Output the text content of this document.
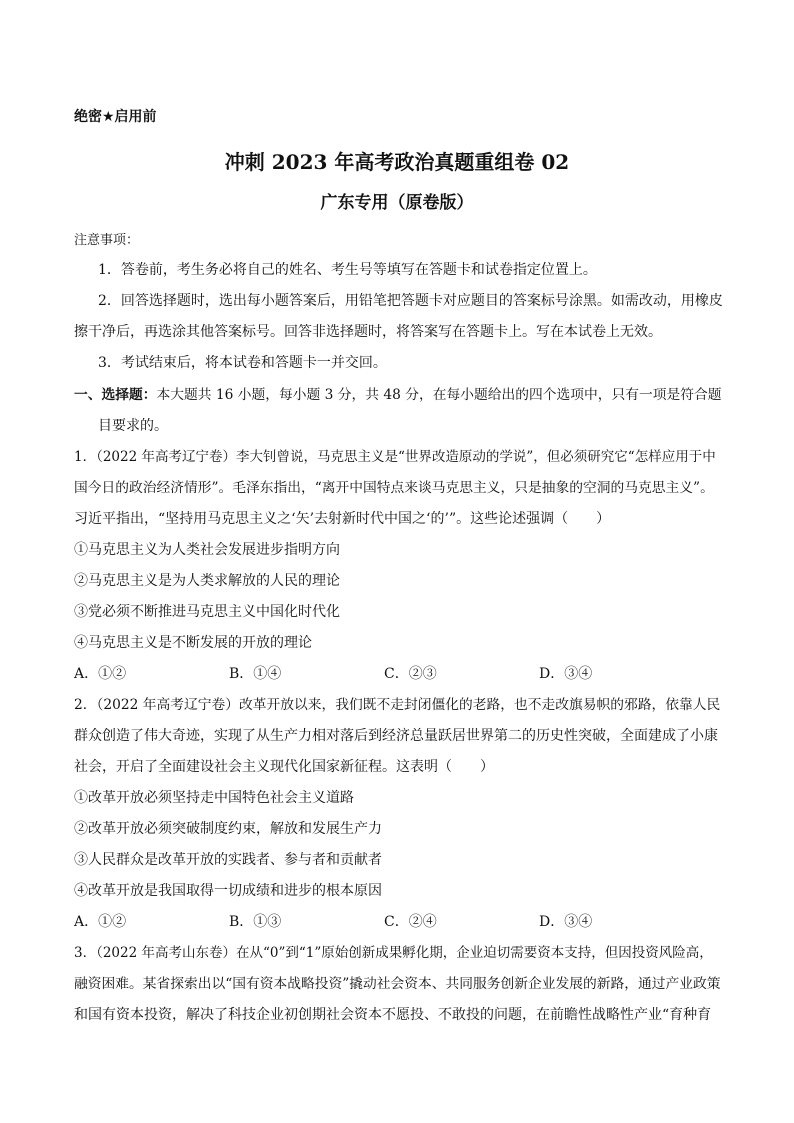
绝密★启用前
冲刺 2023 年高考政治真题重组卷 02
广东专用（原卷版）
注意事项：
1．答卷前，考生务必将自己的姓名、考生号等填写在答题卡和试卷指定位置上。
2．回答选择题时，选出每小题答案后，用铅笔把答题卡对应题目的答案标号涂黑。如需改动，用橡皮
擦干净后，再选涂其他答案标号。回答非选择题时，将答案写在答题卡上。写在本试卷上无效。
3．考试结束后，将本试卷和答题卡一并交回。
一、选择题：本大题共 16 小题，每小题 3 分，共 48 分，在每小题给出的四个选项中，只有一项是符合题
目要求的。
1．（2022 年高考辽宁卷）李大钊曾说，马克思主义是“世界改造原动的学说”，但必须研究它“怎样应用于中
国今日的政治经济情形”。毛泽东指出，“离开中国特点来谈马克思主义，只是抽象的空洞的马克思主义”。
习近平指出，“坚持用马克思主义之‘矢’去射新时代中国之‘的’”。这些论述强调（　　）
①马克思主义为人类社会发展进步指明方向
②马克思主义是为人类求解放的人民的理论
③党必须不断推进马克思主义中国化时代化
④马克思主义是不断发展的开放的理论
A．①②	B．①④	C．②③	D．③④
2．（2022 年高考辽宁卷）改革开放以来，我们既不走封闭僵化的老路，也不走改旗易帜的邪路，依靠人民
群众创造了伟大奇迹，实现了从生产力相对落后到经济总量跃居世界第二的历史性突破，全面建成了小康
社会，开启了全面建设社会主义现代化国家新征程。这表明（　　）
①改革开放必须坚持走中国特色社会主义道路
②改革开放必须突破制度约束，解放和发展生产力
③人民群众是改革开放的实践者、参与者和贡献者
④改革开放是我国取得一切成绩和进步的根本原因
A．①②	B．①③	C．②④	D．③④
3．（2022 年高考山东卷）在从“0”到“1”原始创新成果孵化期，企业迫切需要资本支持，但因投资风险高，
融资困难。某省探索出以“国有资本战略投资”撬动社会资本、共同服务创新企业发展的新路，通过产业政策
和国有资本投资，解决了科技企业初创期社会资本不愿投、不敢投的问题，在前瞻性战略性产业“育种育
